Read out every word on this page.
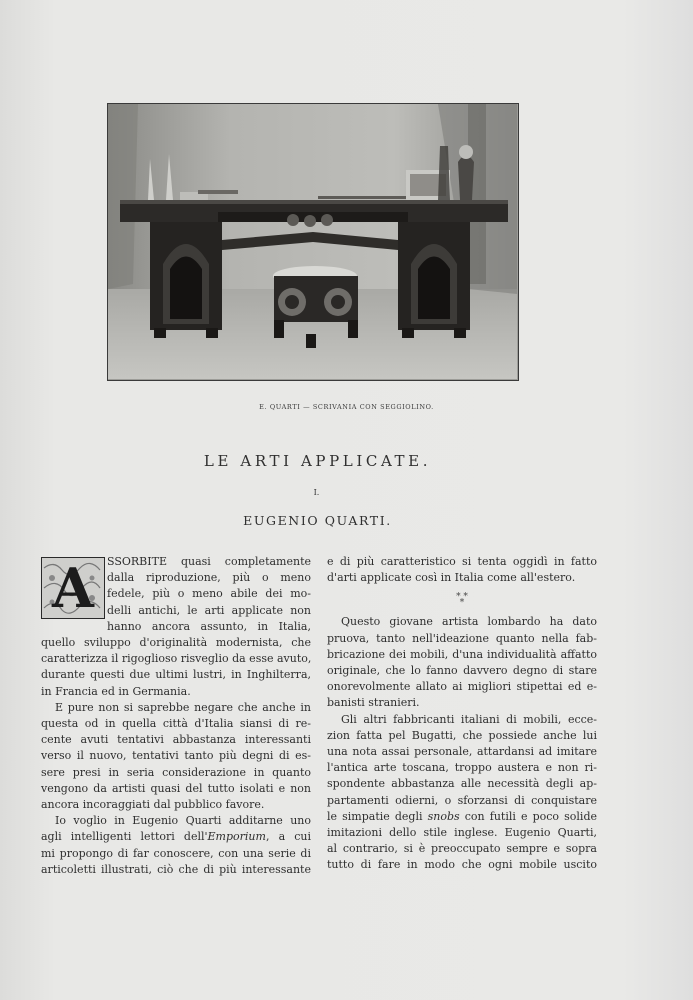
E. QUARTI — SCRIVANIA CON SEGGIOLINO.
LE ARTI APPLICATE.
I.
EUGENIO QUARTI.
A	SSORBITE quasi completamente
dalla riproduzione, più o meno
fedele, più o meno abile dei mo-
delli antichi, le arti applicate non
hanno ancora assunto, in Italia,
quello sviluppo d'originalità modernista, che
caratterizza il rigoglioso risveglio da esse avuto,
durante questi due ultimi lustri, in Inghilterra,
in Francia ed in Germania.
E pure non si saprebbe negare che anche in
questa od in quella città d'Italia siansi di re-
cente avuti tentativi abbastanza interessanti
verso il nuovo, tentativi tanto più degni di es-
sere presi in seria considerazione in quanto
vengono da artisti quasi del tutto isolati e non
ancora incoraggiati dal pubblico favore.
Io voglio in Eugenio Quarti additarne uno
agli intelligenti lettori dell'Emporium, a cui
mi propongo di far conoscere, con una serie di
articoletti illustrati, ciò che di più interessante
e di più caratteristico si tenta oggidì in fatto
d'arti applicate così in Italia come all'estero.
* *
*
Questo giovane artista lombardo ha dato
pruova, tanto nell'ideazione quanto nella fab-
bricazione dei mobili, d'una individualità affatto
originale, che lo fanno davvero degno di stare
onorevolmente allato ai migliori stipettai ed e-
banisti stranieri.
Gli altri fabbricanti italiani di mobili, ecce-
zion fatta pel Bugatti, che possiede anche lui
una nota assai personale, attardansi ad imitare
l'antica arte toscana, troppo austera e non ri-
spondente abbastanza alle necessità degli ap-
partamenti odierni, o sforzansi di conquistare
le simpatie degli snobs con futili e poco solide
imitazioni dello stile inglese. Eugenio Quarti,
al contrario, si è preoccupato sempre e sopra
tutto di fare in modo che ogni mobile uscito
